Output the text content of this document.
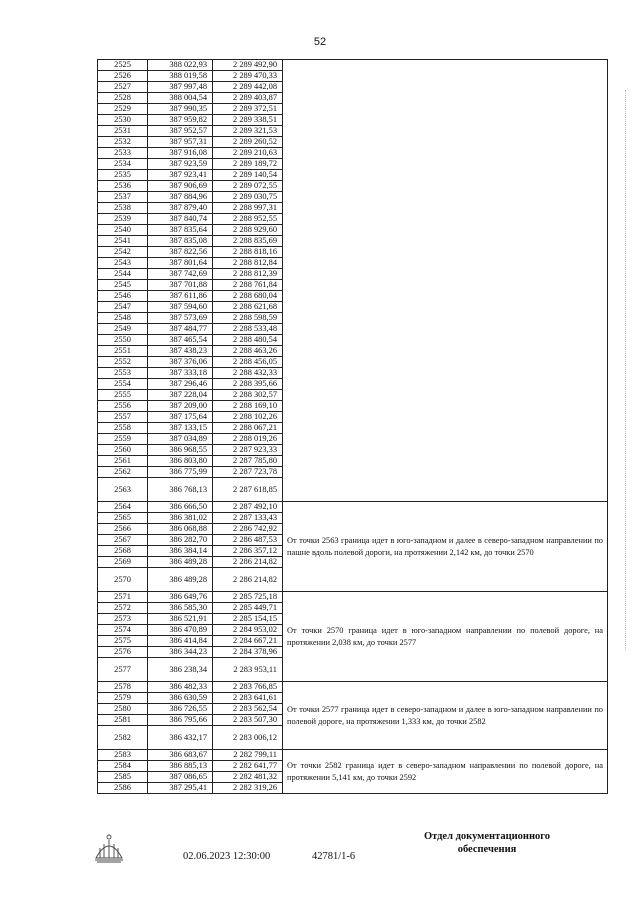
52
2525	388 022,93	2 289 492,90	
2526	388 019,58	2 289 470,33	
2527	387 997,48	2 289 442,08	
2528	388 004,54	2 289 403,87	
2529	387 990,35	2 289 372,51	
2530	387 959,82	2 289 338,51	
2531	387 952,57	2 289 321,53	
2532	387 957,31	2 289 260,52	
2533	387 916,08	2 289 210,63	
2534	387 923,59	2 289 189,72	
2535	387 923,41	2 289 140,54	
2536	387 906,69	2 289 072,55	
2537	387 884,96	2 289 030,75	
2538	387 879,40	2 288 997,31	
2539	387 840,74	2 288 952,55	
2540	387 835,64	2 288 929,60	
2541	387 835,08	2 288 835,69	
2542	387 822,56	2 288 818,16	
2543	387 801,64	2 288 812,84	
2544	387 742,69	2 288 812,39	
2545	387 701,88	2 288 761,84	
2546	387 611,86	2 288 680,04	
2547	387 594,60	2 288 621,68	
2548	387 573,69	2 288 598,59	
2549	387 484,77	2 288 533,48	
2550	387 465,54	2 288 480,54	
2551	387 438,23	2 288 463,26	
2552	387 376,06	2 288 456,05	
2553	387 333,18	2 288 432,33	
2554	387 296,46	2 288 395,66	
2555	387 228,04	2 288 302,57	
2556	387 209,00	2 288 169,10	
2557	387 175,64	2 288 102,26	
2558	387 133,15	2 288 067,21	
2559	387 034,89	2 288 019,26	
2560	386 968,55	2 287 923,33	
2561	386 803,80	2 287 785,80	
2562	386 775,99	2 287 723,78	
2563	386 768,13	2 287 618,85	
2564	386 666,50	2 287 492,10	От точки 2563 граница идет в юго-западном и далее в северо-западном направлении по пашне вдоль полевой дороги, на протяжении 2,142 км, до точки 2570
2565	386 381,02	2 287 133,43	
2566	386 068,88	2 286 742,92	
2567	386 282,70	2 286 487,53	
2568	386 384,14	2 286 357,12	
2569	386 489,28	2 286 214,82	
2570	386 489,28	2 286 214,82	
2571	386 649,76	2 285 725,18	От точки 2570 граница идет в юго-западном направлении по полевой дороге, на протяжении 2,038 км, до точки 2577
2572	386 585,30	2 285 449,71	
2573	386 521,91	2 285 154,15	
2574	386 470,89	2 284 953,02	
2575	386 414,84	2 284 667,21	
2576	386 344,23	2 284 378,96	
2577	386 238,34	2 283 953,11	
2578	386 482,33	2 283 766,85	От точки 2577 граница идет в северо-западном и далее в юго-западном направлении по полевой дороге, на протяжении 1,333 км, до точки 2582
2579	386 630,59	2 283 641,61	
2580	386 726,55	2 283 562,54	
2581	386 795,66	2 283 507,30	
2582	386 432,17	2 283 006,12	
2583	386 683,67	2 282 799,11	От точки 2582 граница идет в северо-западном направлении по полевой дороге, на протяжении 5,141 км, до точки 2592
2584	386 885,13	2 282 641,77	
2585	387 086,65	2 282 481,32	
2586	387 295,41	2 282 319,26	
02.06.2023 12:30:00	42781/1-6
Отдел документационного
обеспечения
